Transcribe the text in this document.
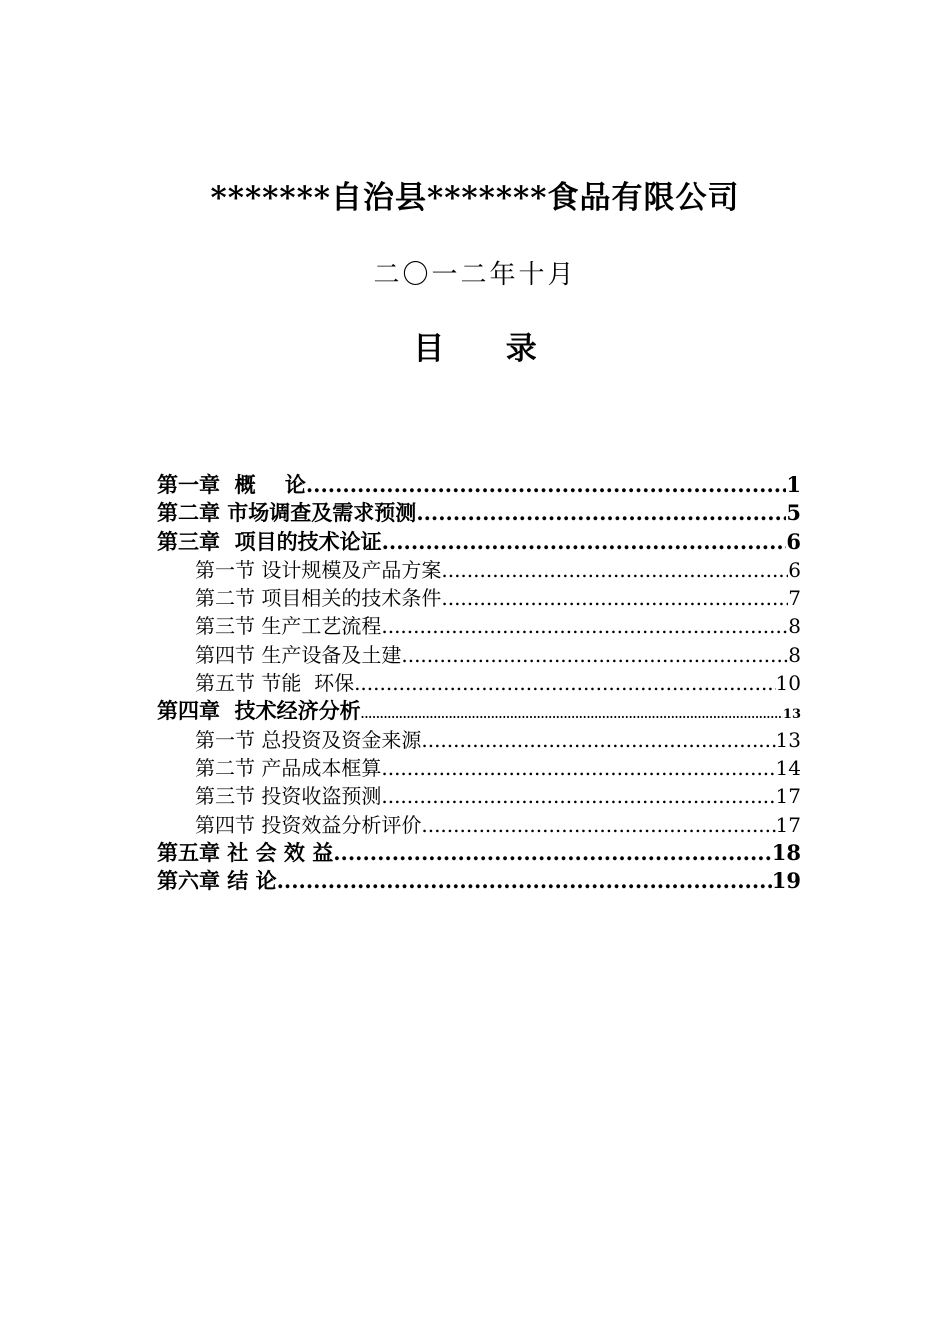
*******自治县*******食品有限公司
二〇一二年十月
目  录
第一章  概    论 .....	1
第二章 市场调查及需求预测 .....	5
第三章  项目的技术论证 .....	6
第一节 设计规模及产品方案 .....	6
第二节 项目相关的技术条件 .....	7
第三节 生产工艺流程 .....	8
第四节 生产设备及土建 .....	8
第五节 节能  环保 .....	10
第四章  技术经济分析 .....	13
第一节 总投资及资金来源 .....	13
第二节 产品成本框算 .....	14
第三节 投资收盗预测 .....	17
第四节 投资效益分析评价 .....	17
第五章 社 会 效 益 .....	18
第六章 结 论 .....	19
